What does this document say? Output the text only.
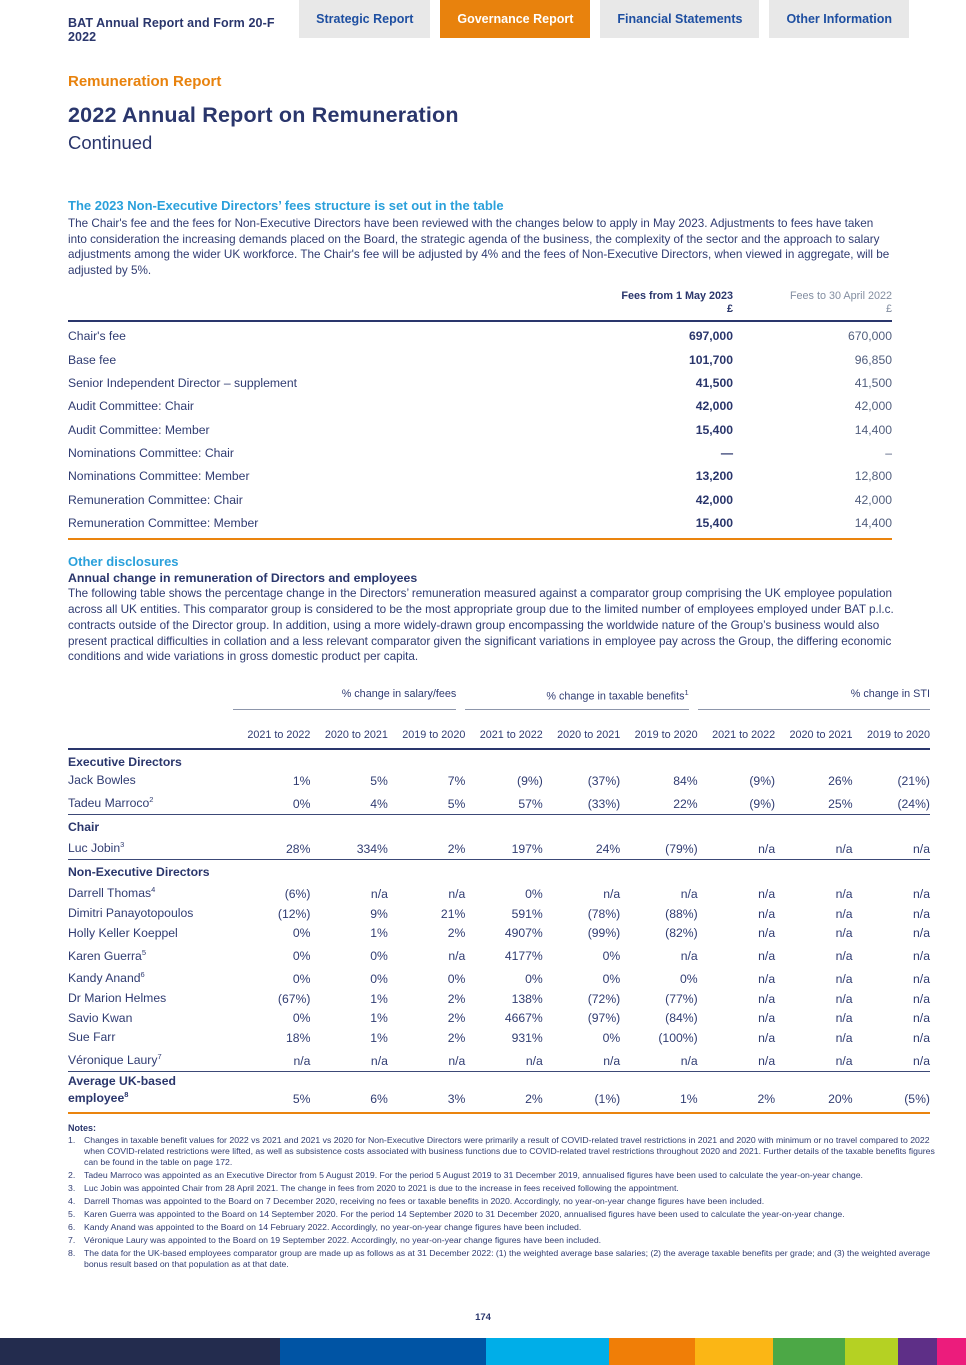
BAT Annual Report and Form 20-F 2022
Strategic Report	Governance Report	Financial Statements	Other Information
Remuneration Report
2022 Annual Report on Remuneration
Continued
The 2023 Non-Executive Directors’ fees structure is set out in the table

The Chair's fee and the fees for Non-Executive Directors have been reviewed with the changes below to apply in May 2023. Adjustments to fees have taken into consideration the increasing demands placed on the Board, the strategic agenda of the business, the complexity of the sector and the approach to salary adjustments among the wider UK workforce. The Chair's fee will be adjusted by 4% and the fees of Non-Executive Directors, when viewed in aggregate, will be adjusted by 5%.

Fees from 1 May 2023
£
Fees to 30 April 2022
£
Chair's fee	697,000	670,000
Base fee	101,700	96,850
Senior Independent Director – supplement	41,500	41,500
Audit Committee: Chair	42,000	42,000
Audit Committee: Member	15,400	14,400
Nominations Committee: Chair	—	–
Nominations Committee: Member	13,200	12,800
Remuneration Committee: Chair	42,000	42,000
Remuneration Committee: Member	15,400	14,400
Other disclosures
Annual change in remuneration of Directors and employees

The following table shows the percentage change in the Directors’ remuneration measured against a comparator group comprising the UK employee population across all UK entities. This comparator group is considered to be the most appropriate group due to the limited number of employees employed under BAT p.l.c. contracts outside of the Director group. In addition, using a more widely-drawn group encompassing the worldwide nature of the Group’s business would also present practical difficulties in collation and a less relevant comparator given the significant variations in employee pay across the Group, the differing economic conditions and wide variations in gross domestic product per capita.

% change in salary/fees	% change in taxable benefits$^1$	% change in STI
2021 to 2022	2020 to 2021	2019 to 2020	2021 to 2022	2020 to 2021	2019 to 2020	2021 to 2022	2020 to 2021	2019 to 2020
Executive Directors
Jack Bowles	1%	5%	7%	(9%)	(37%)	84%	(9%)	26%	(21%)
Tadeu Marroco$^2$	0%	4%	5%	57%	(33%)	22%	(9%)	25%	(24%)
Chair
Luc Jobin$^3$	28%	334%	2%	197%	24%	(79%)	n/a	n/a	n/a
Non-Executive Directors
Darrell Thomas$^4$	(6%)	n/a	n/a	0%	n/a	n/a	n/a	n/a	n/a
Dimitri Panayotopoulos	(12%)	9%	21%	591%	(78%)	(88%)	n/a	n/a	n/a
Holly Keller Koeppel	0%	1%	2%	4907%	(99%)	(82%)	n/a	n/a	n/a
Karen Guerra$^5$	0%	0%	n/a	4177%	0%	n/a	n/a	n/a	n/a
Kandy Anand$^6$	0%	0%	0%	0%	0%	0%	n/a	n/a	n/a
Dr Marion Helmes	(67%)	1%	2%	138%	(72%)	(77%)	n/a	n/a	n/a
Savio Kwan	0%	1%	2%	4667%	(97%)	(84%)	n/a	n/a	n/a
Sue Farr	18%	1%	2%	931%	0%	(100%)	n/a	n/a	n/a
Véronique Laury$^7$	n/a	n/a	n/a	n/a	n/a	n/a	n/a	n/a	n/a
Average UK-based employee$^8$	5%	6%	3%	2%	(1%)	1%	2%	20%	(5%)
Notes:
1.	Changes in taxable benefit values for 2022 vs 2021 and 2021 vs 2020 for Non-Executive Directors were primarily a result of COVID-related travel restrictions in 2021 and 2020 with minimum or no travel compared to 2022 when COVID-related restrictions were lifted, as well as subsistence costs associated with business functions due to COVID-related travel restrictions throughout 2020 and 2021. Further details of the taxable benefits figures can be found in the table on page 172.
2.	Tadeu Marroco was appointed as an Executive Director from 5 August 2019. For the period 5 August 2019 to 31 December 2019, annualised figures have been used to calculate the year-on-year change.
3.	Luc Jobin was appointed Chair from 28 April 2021. The change in fees from 2020 to 2021 is due to the increase in fees received following the appointment.
4.	Darrell Thomas was appointed to the Board on 7 December 2020, receiving no fees or taxable benefits in 2020. Accordingly, no year-on-year change figures have been included.
5.	Karen Guerra was appointed to the Board on 14 September 2020. For the period 14 September 2020 to 31 December 2020, annualised figures have been used to calculate the year-on-year change.
6.	Kandy Anand was appointed to the Board on 14 February 2022. Accordingly, no year-on-year change figures have been included.
7.	Véronique Laury was appointed to the Board on 19 September 2022. Accordingly, no year-on-year change figures have been included.
8.	The data for the UK-based employees comparator group are made up as follows as at 31 December 2022: (1) the weighted average base salaries; (2) the average taxable benefits per grade; and (3) the weighted average bonus result based on that population as at that date.
174
